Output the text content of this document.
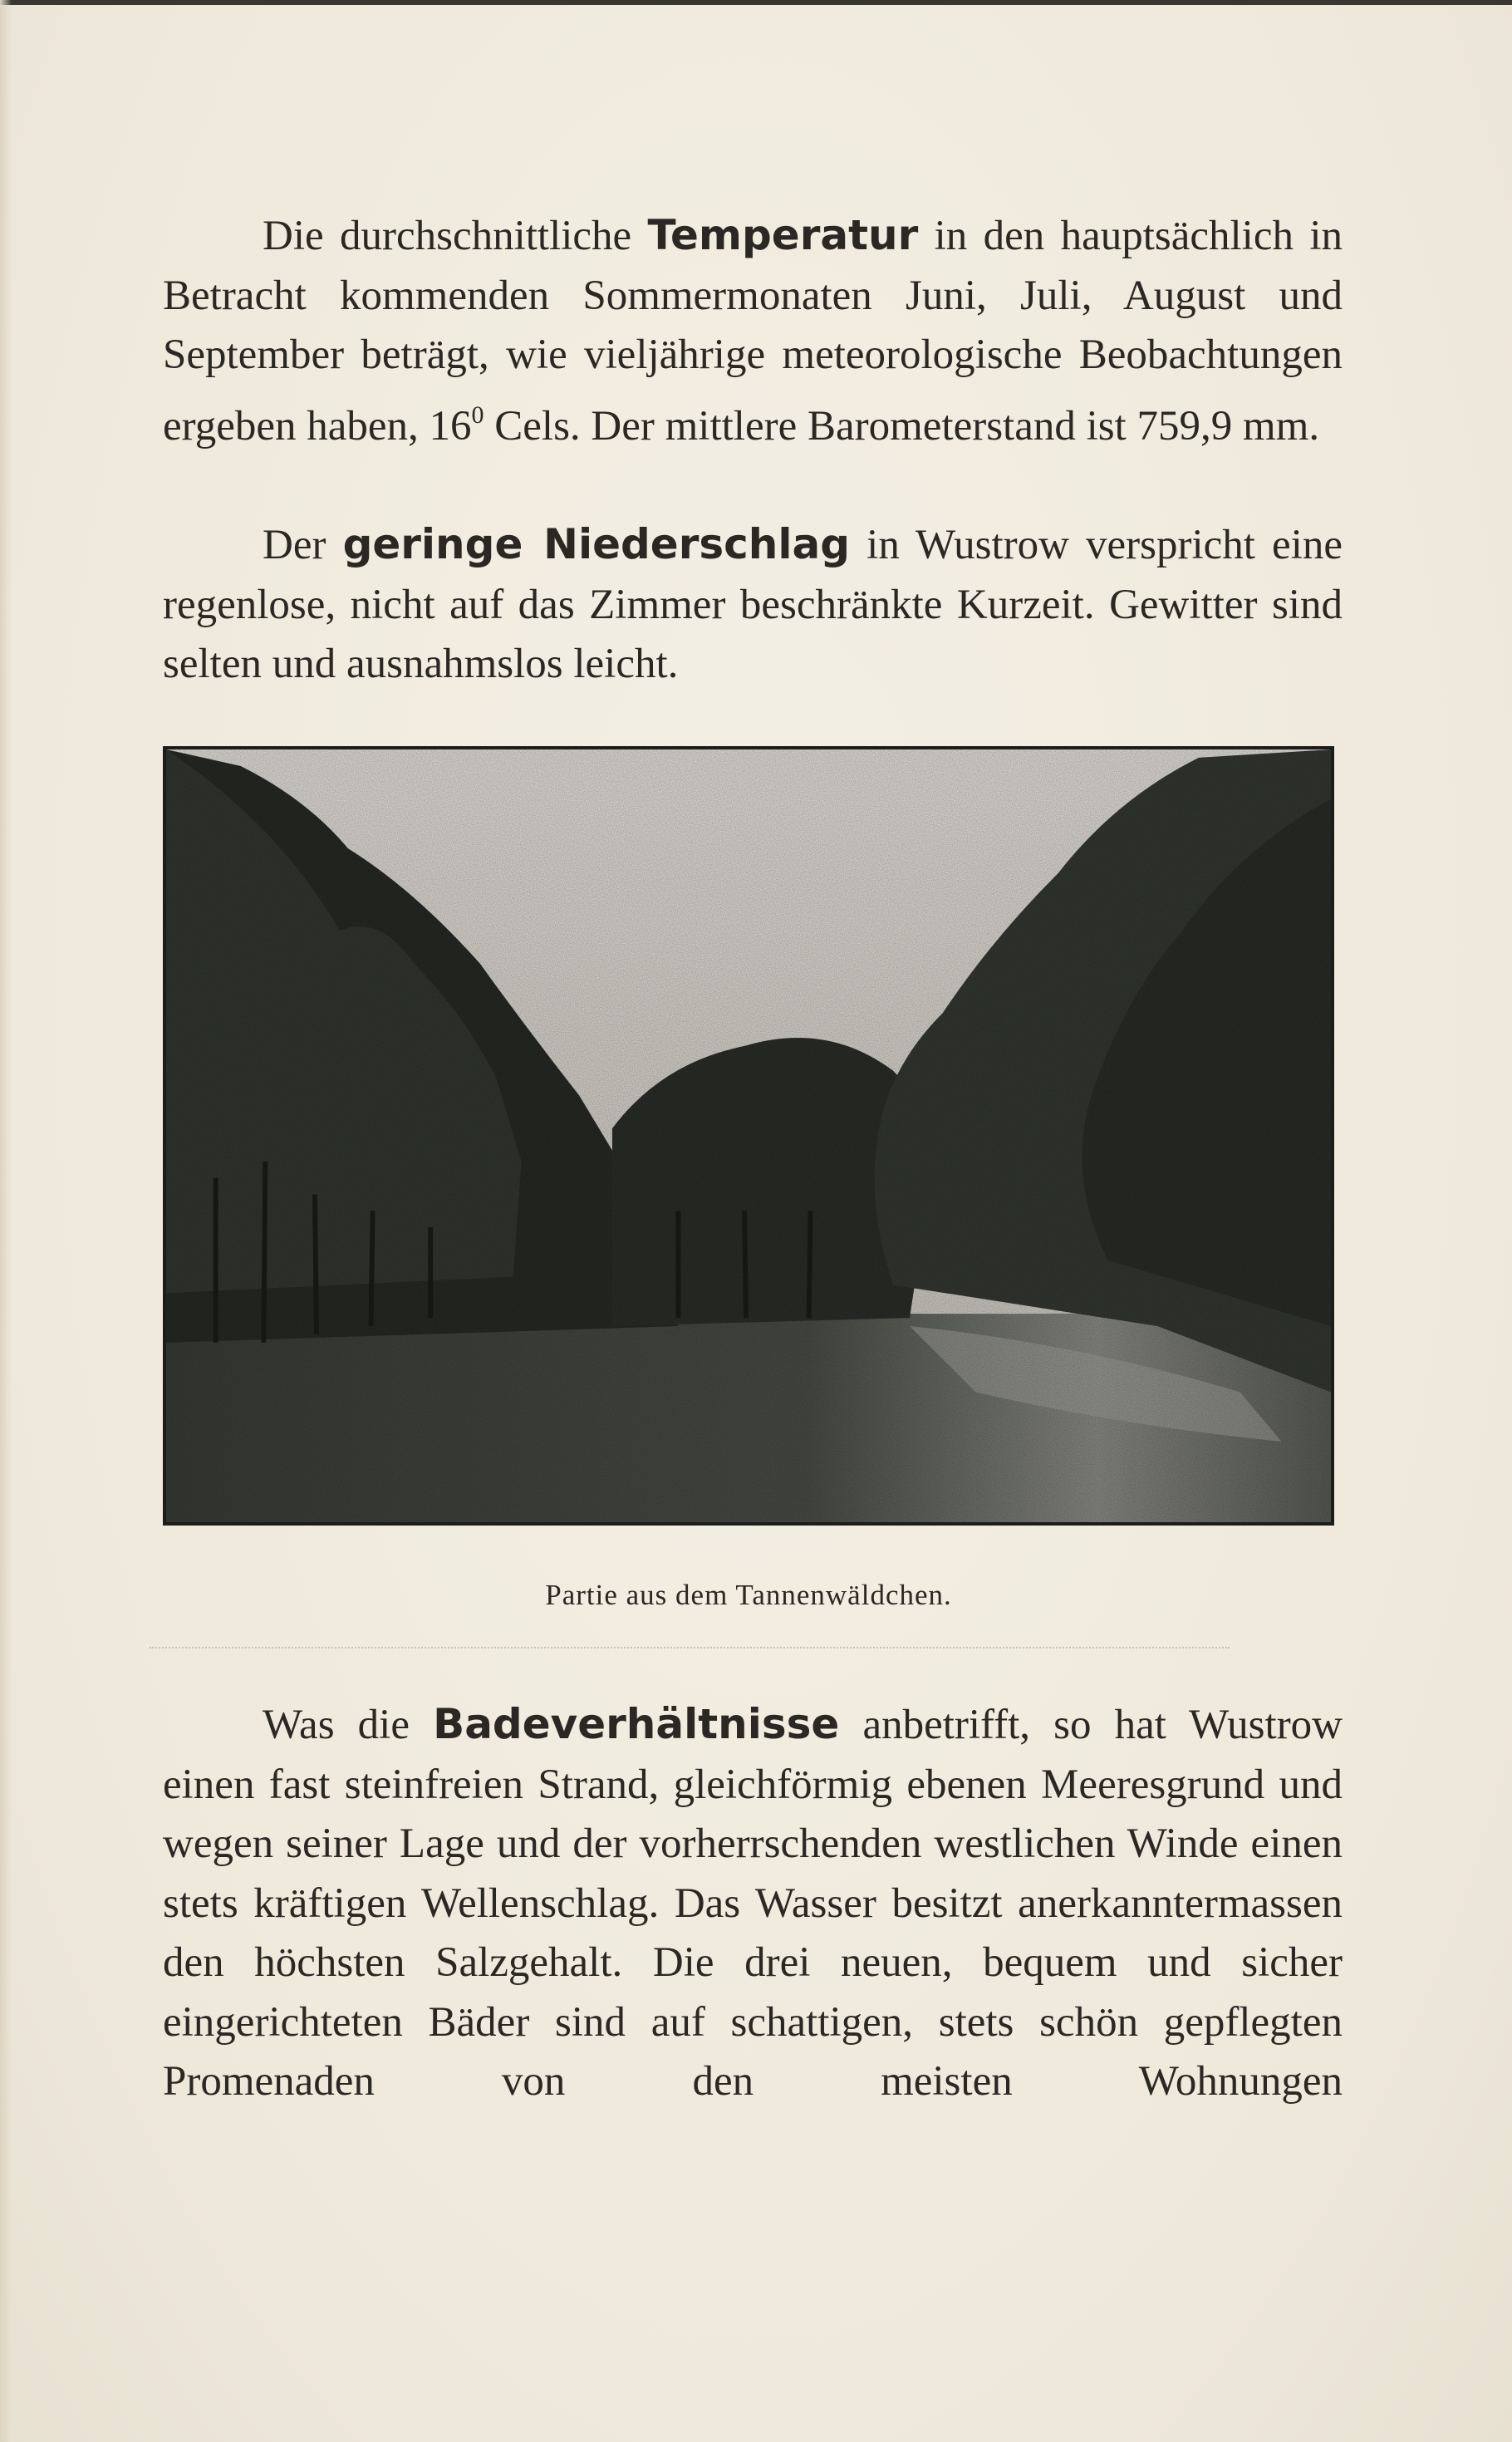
Die durchschnittliche Temperatur in den hauptsächlich in Betracht kommenden Sommermonaten Juni, Juli, August und September beträgt, wie vieljährige meteorologische Beobachtungen ergeben haben, $16^0$ Cels. Der mittlere Barometerstand ist 759,9 mm.

Der geringe Niederschlag in Wustrow verspricht eine regenlose, nicht auf das Zimmer beschränkte Kurzeit. Gewitter sind selten und ausnahmslos leicht.

Partie aus dem Tannenwäldchen.

Was die Badeverhältnisse anbetrifft, so hat Wustrow einen fast steinfreien Strand, gleichförmig ebenen Meeresgrund und wegen seiner Lage und der vorherrschenden westlichen Winde einen stets kräftigen Wellenschlag. Das Wasser besitzt anerkanntermassen den höchsten Salzgehalt. Die drei neuen, bequem und sicher eingerichteten Bäder sind auf schattigen, stets schön gepflegten Promenaden von den meisten Wohnungen
